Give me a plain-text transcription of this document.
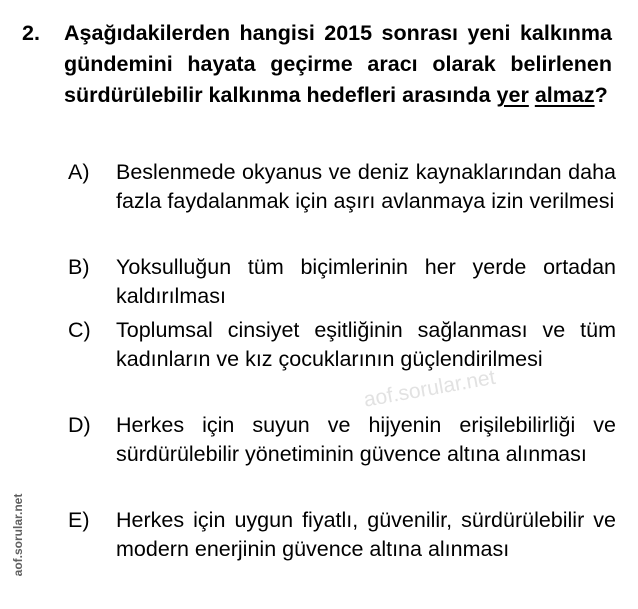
2. Aşağıdakilerden hangisi 2015 sonrası yeni kalkınma gündemini hayata geçirme aracı olarak belirlenen sürdürülebilir kalkınma hedefleri arasında yer almaz?
A)	Beslenmede okyanus ve deniz kaynaklarından daha fazla faydalanmak için aşırı avlanmaya izin verilmesi
B)	Yoksulluğun tüm biçimlerinin her yerde ortadan kaldırılması
C)	Toplumsal cinsiyet eşitliğinin sağlanması ve tüm kadınların ve kız çocuklarının güçlendirilmesi
D)	Herkes için suyun ve hijyenin erişilebilirliği ve sürdürülebilir yönetiminin güvence altına alınması
E)	Herkes için uygun fiyatlı, güvenilir, sürdürülebilir ve modern enerjinin güvence altına alınması
aof.sorular.net
aof.sorular.net
